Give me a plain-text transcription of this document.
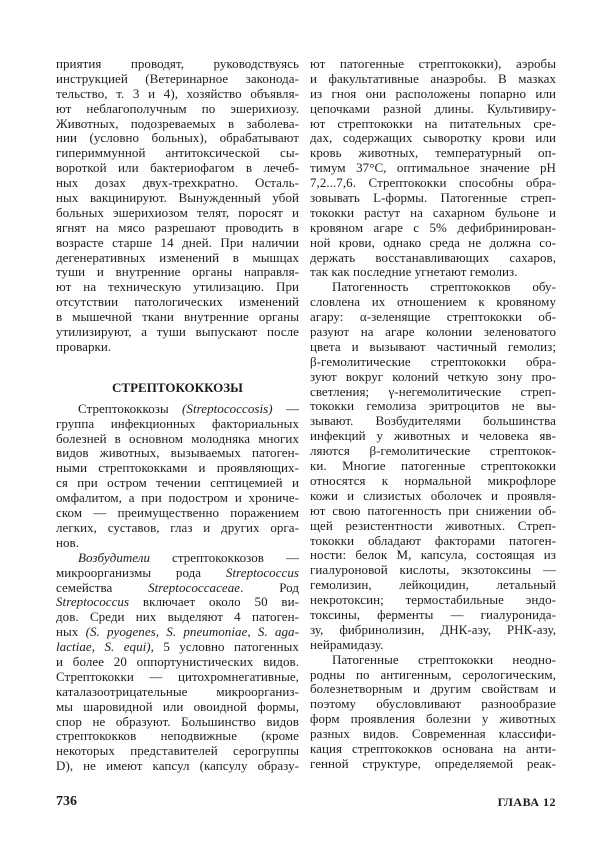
приятия проводят, руководствуясь
инструкцией (Ветеринарное законода-
тельство, т. 3 и 4), хозяйство объявля-
ют неблагополучным по эшерихиозу.
Животных, подозреваемых в заболева-
нии (условно больных), обрабатывают
гипериммунной антитоксической сы-
вороткой или бактериофагом в лечеб-
ных дозах двух-трехкратно. Осталь-
ных вакцинируют. Вынужденный убой
больных эшерихиозом телят, поросят и
ягнят на мясо разрешают проводить в
возрасте старше 14 дней. При наличии
дегенеративных изменений в мышцах
туши и внутренние органы направля-
ют на техническую утилизацию. При
отсутствии патологических изменений
в мышечной ткани внутренние органы
утилизируют, а туши выпускают после
проварки.
СТРЕПТОКОККОЗЫ
Стрептококкозы (Streptococcosis) —
группа инфекционных факториальных
болезней в основном молодняка многих
видов животных, вызываемых патоген-
ными стрептококками и проявляющих-
ся при остром течении септицемией и
омфалитом, а при подостром и хрониче-
ском — преимущественно поражением
легких, суставов, глаз и других орга-
нов.
Возбудители стрептококкозов —
микроорганизмы рода Streptococcus
семейства Streptococcaceae. Род
Streptococcus включает около 50 ви-
дов. Среди них выделяют 4 патоген-
ных (S. pyogenes, S. pneumoniae, S. aga-
lactiae, S. equi), 5 условно патогенных
и более 20 оппортунистических видов.
Стрептококки — цитохромнегативные,
каталазоотрицательные микроорганиз-
мы шаровидной или овоидной формы,
спор не образуют. Большинство видов
стрептококков неподвижные (кроме
некоторых представителей серогруппы
D), не имеют капсул (капсулу образу-
ют патогенные стрептококки), аэробы
и факультативные анаэробы. В мазках
из гноя они расположены попарно или
цепочками разной длины. Культивиру-
ют стрептококки на питательных сре-
дах, содержащих сыворотку крови или
кровь животных, температурный оп-
тимум 37°С, оптимальное значение рН
7,2...7,6. Стрептококки способны обра-
зовывать L-формы. Патогенные стреп-
тококки растут на сахарном бульоне и
кровяном агаре с 5% дефибринирован-
ной крови, однако среда не должна со-
держать восстанавливающих сахаров,
так как последние угнетают гемолиз.
Патогенность стрептококков обу-
словлена их отношением к кровяному
агару: α-зеленящие стрептококки об-
разуют на агаре колонии зеленоватого
цвета и вызывают частичный гемолиз;
β-гемолитические стрептококки обра-
зуют вокруг колоний четкую зону про-
светления; γ-негемолитические стреп-
тококки гемолиза эритроцитов не вы-
зывают. Возбудителями большинства
инфекций у животных и человека яв-
ляются β-гемолитические стрептокок-
ки. Многие патогенные стрептококки
относятся к нормальной микрофлоре
кожи и слизистых оболочек и проявля-
ют свою патогенность при снижении об-
щей резистентности животных. Стреп-
тококки обладают факторами патоген-
ности: белок М, капсула, состоящая из
гиалуроновой кислоты, экзотоксины —
гемолизин, лейкоцидин, летальный
некротоксин; термостабильные эндо-
токсины, ферменты — гиалуронида-
зу, фибринолизин, ДНК-азу, РНК-азу,
нейрамидазу.
Патогенные стрептококки неодно-
родны по антигенным, серологическим,
болезнетворным и другим свойствам и
поэтому обусловливают разнообразие
форм проявления болезни у животных
разных видов. Современная классифи-
кация стрептококков основана на анти-
генной структуре, определяемой реак-
736	ГЛАВА 12
